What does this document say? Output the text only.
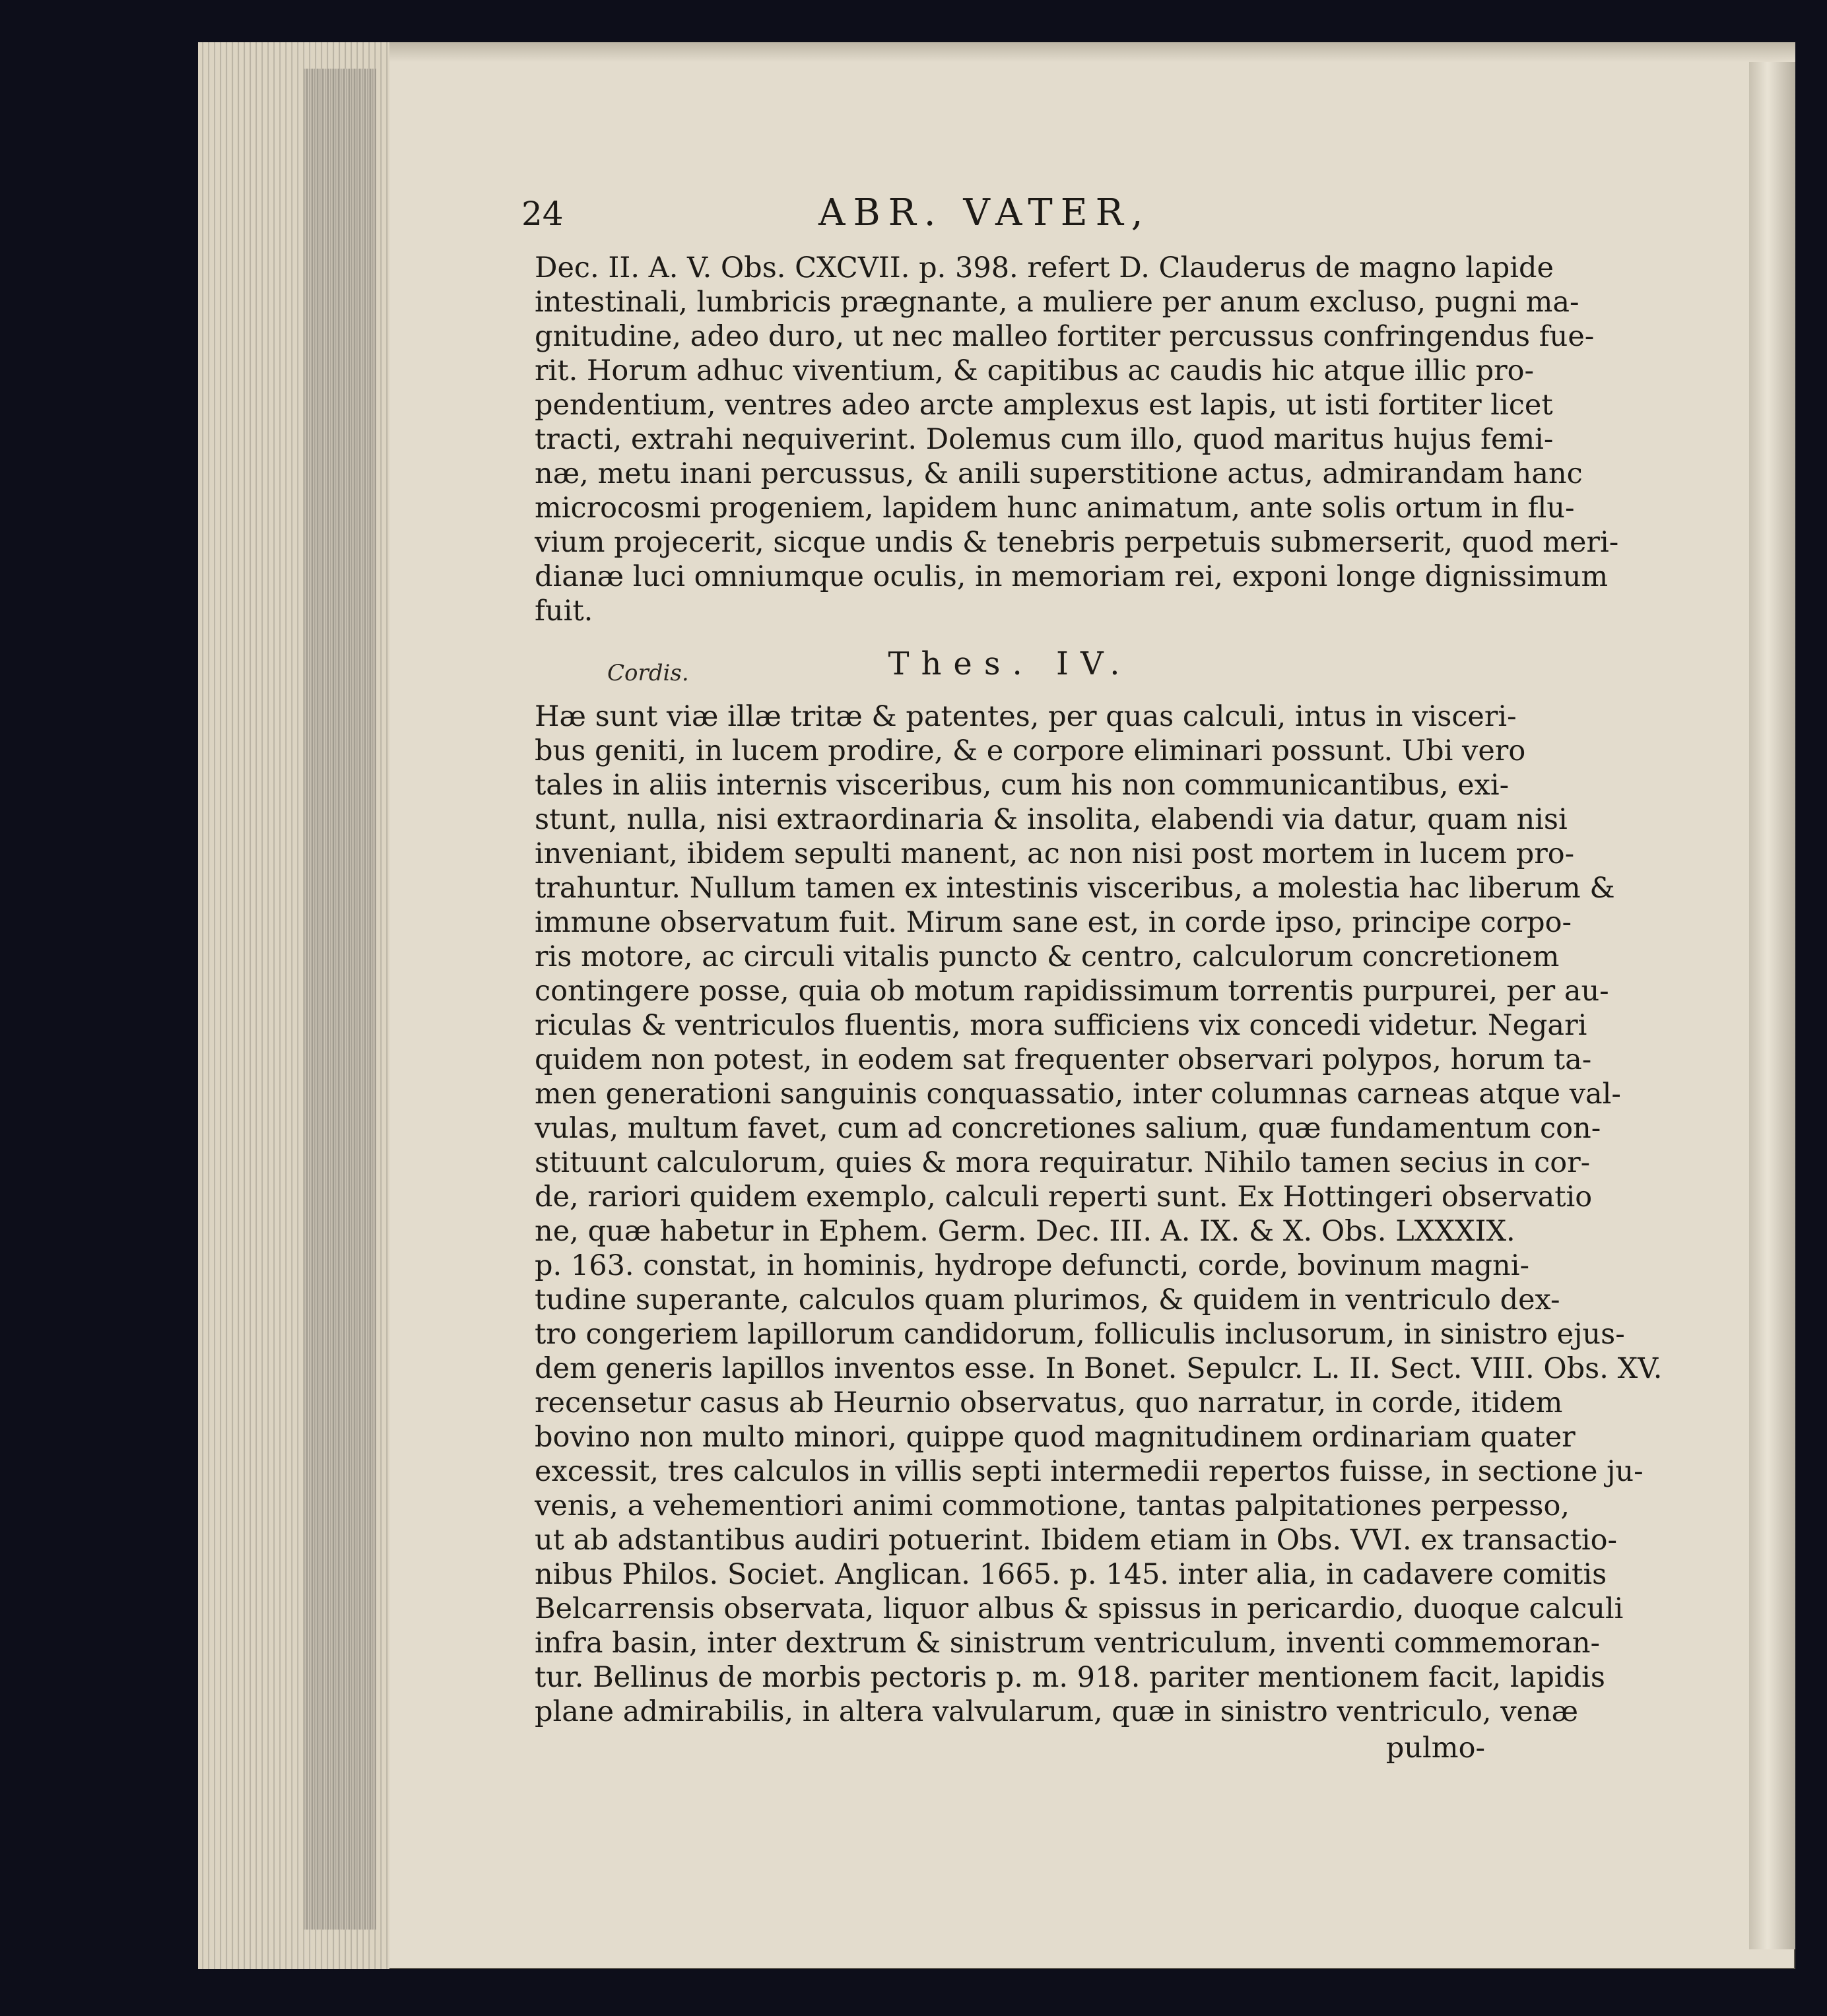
Cordis.
24	ABR. VATER,
Dec. II. A. V. Obs. CXCVII. p. 398. refert D. Clauderus de magno lapide
intestinali, lumbricis prægnante, a muliere per anum excluso, pugni ma-
gnitudine, adeo duro, ut nec malleo fortiter percussus confringendus fue-
rit. Horum adhuc viventium, & capitibus ac caudis hic atque illic pro-
pendentium, ventres adeo arcte amplexus est lapis, ut isti fortiter licet
tracti, extrahi nequiverint. Dolemus cum illo, quod maritus hujus femi-
næ, metu inani percussus, & anili superstitione actus, admirandam hanc
microcosmi progeniem, lapidem hunc animatum, ante solis ortum in flu-
vium projecerit, sicque undis & tenebris perpetuis submerserit, quod meri-
dianæ luci omniumque oculis, in memoriam rei, exponi longe dignissimum
fuit.
Thes. IV.
Hæ sunt viæ illæ tritæ & patentes, per quas calculi, intus in visceri-
bus geniti, in lucem prodire, & e corpore eliminari possunt. Ubi vero
tales in aliis internis visceribus, cum his non communicantibus, exi-
stunt, nulla, nisi extraordinaria & insolita, elabendi via datur, quam nisi
inveniant, ibidem sepulti manent, ac non nisi post mortem in lucem pro-
trahuntur. Nullum tamen ex intestinis visceribus, a molestia hac liberum &
immune observatum fuit. Mirum sane est, in corde ipso, principe corpo-
ris motore, ac circuli vitalis puncto & centro, calculorum concretionem
contingere posse, quia ob motum rapidissimum torrentis purpurei, per au-
riculas & ventriculos fluentis, mora sufficiens vix concedi videtur. Negari
quidem non potest, in eodem sat frequenter observari polypos, horum ta-
men generationi sanguinis conquassatio, inter columnas carneas atque val-
vulas, multum favet, cum ad concretiones salium, quæ fundamentum con-
stituunt calculorum, quies & mora requiratur. Nihilo tamen secius in cor-
de, rariori quidem exemplo, calculi reperti sunt. Ex Hottingeri observatio
ne, quæ habetur in Ephem. Germ. Dec. III. A. IX. & X. Obs. LXXXIX.
p. 163. constat, in hominis, hydrope defuncti, corde, bovinum magni-
tudine superante, calculos quam plurimos, & quidem in ventriculo dex-
tro congeriem lapillorum candidorum, folliculis inclusorum, in sinistro ejus-
dem generis lapillos inventos esse. In Bonet. Sepulcr. L. II. Sect. VIII. Obs. XV.
recensetur casus ab Heurnio observatus, quo narratur, in corde, itidem
bovino non multo minori, quippe quod magnitudinem ordinariam quater
excessit, tres calculos in villis septi intermedii repertos fuisse, in sectione ju-
venis, a vehementiori animi commotione, tantas palpitationes perpesso,
ut ab adstantibus audiri potuerint. Ibidem etiam in Obs. VVI. ex transactio-
nibus Philos. Societ. Anglican. 1665. p. 145. inter alia, in cadavere comitis
Belcarrensis observata, liquor albus & spissus in pericardio, duoque calculi
infra basin, inter dextrum & sinistrum ventriculum, inventi commemoran-
tur. Bellinus de morbis pectoris p. m. 918. pariter mentionem facit, lapidis
plane admirabilis, in altera valvularum, quæ in sinistro ventriculo, venæ
pulmo-
